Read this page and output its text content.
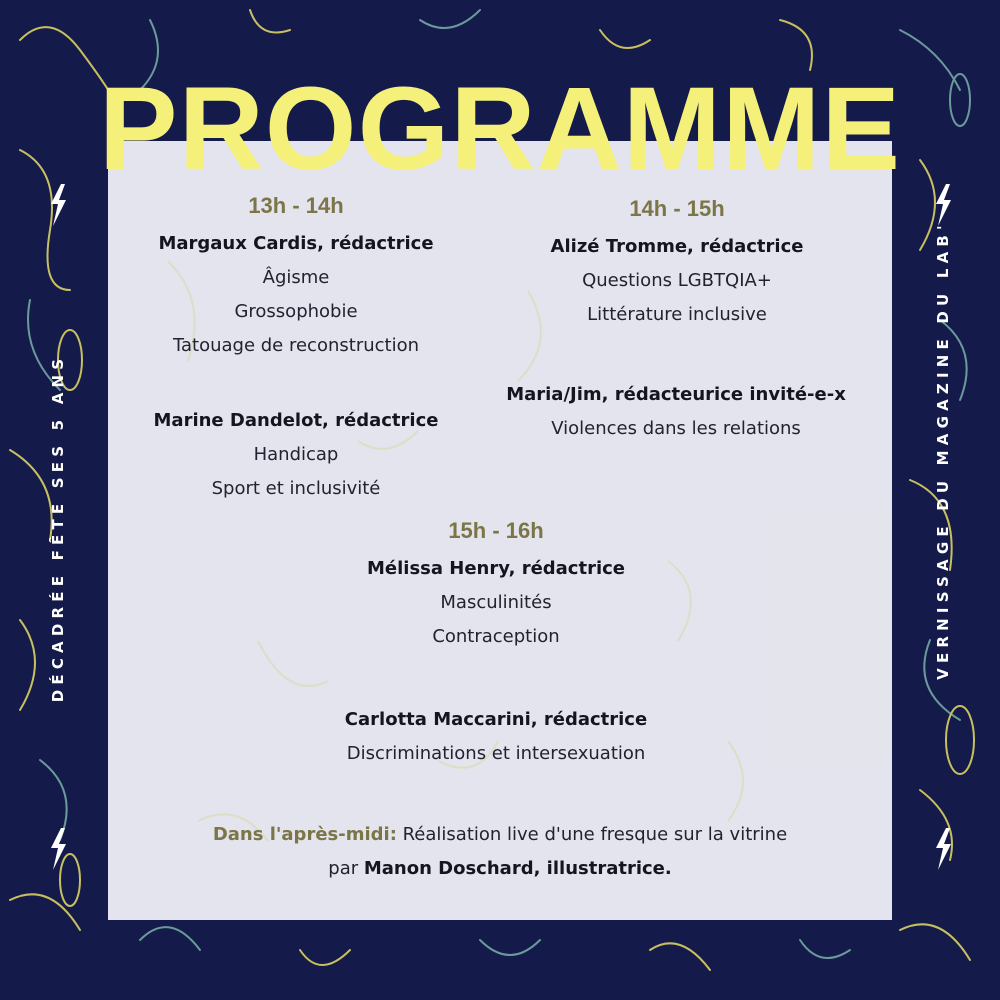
PROGRAMME
DÉCADRÉE FÊTE SES 5 ANS	VERNISSAGE DU MAGAZINE DU LAB'
13h - 14h
Margaux Cardis, rédactrice
Âgisme
Grossophobie
Tatouage de reconstruction
Marine Dandelot, rédactrice
Handicap
Sport et inclusivité
14h - 15h
Alizé Tromme, rédactrice
Questions LGBTQIA+
Littérature inclusive
Maria/Jim, rédacteurice invité-e-x
Violences dans les relations
15h - 16h
Mélissa Henry, rédactrice
Masculinités
Contraception
Carlotta Maccarini, rédactrice
Discriminations et intersexuation
Dans l'après-midi: Réalisation live d'une fresque sur la vitrine
par Manon Doschard, illustratrice.
